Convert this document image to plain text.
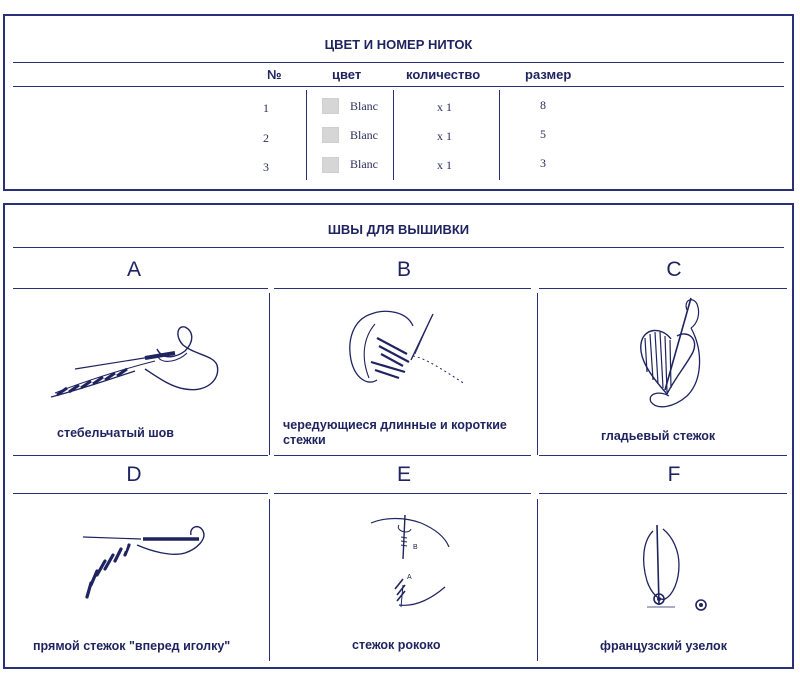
ЦВЕТ И НОМЕР НИТОК
№	цвет	количество	размер
1	Blanc	x 1	8
2	Blanc	x 1	5
3	Blanc	x 1	3
ШВЫ ДЛЯ ВЫШИВКИ
A	B	C
стебельчатый шов
чередующиеся длинные и короткие стежки	гладьевый стежок
D	E	F
прямой стежок "вперед иголку"
B
A
стежок рококо	французский узелок
